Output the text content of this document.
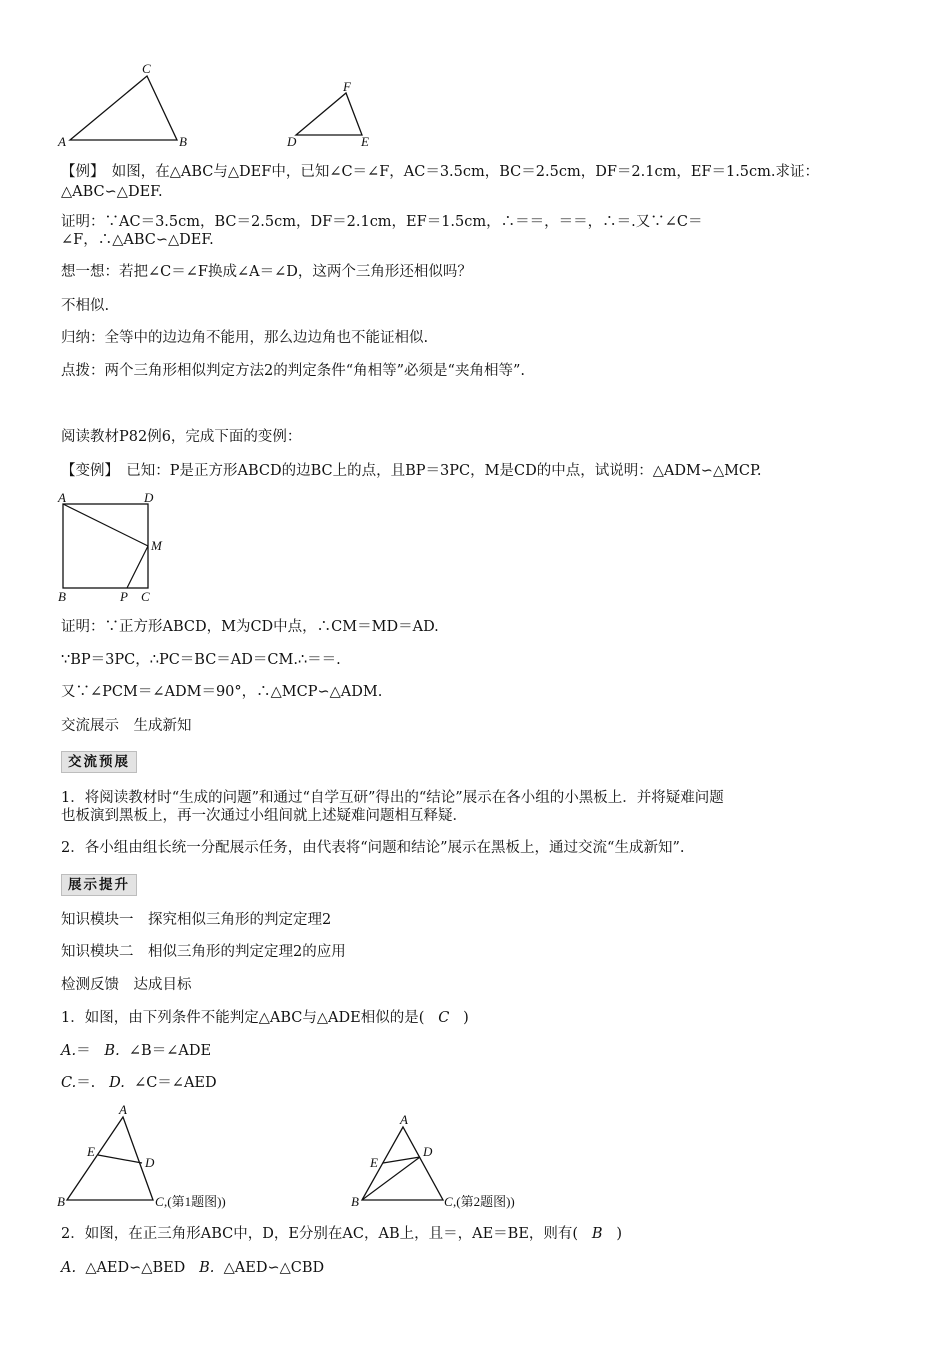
C
A	B
F
D	E
【例】　如图，在△ABC与△DEF中，已知∠C＝∠F，AC＝3.5cm，BC＝2.5cm，DF＝2.1cm，EF＝1.5cm.求证：
△ABC∽△DEF.
证明：∵AC＝3.5cm，BC＝2.5cm，DF＝2.1cm，EF＝1.5cm，∴＝＝，＝＝，∴＝.又∵∠C＝
∠F，∴△ABC∽△DEF.
想一想：若把∠C＝∠F换成∠A＝∠D，这两个三角形还相似吗？
不相似.
归纳：全等中的边边角不能用，那么边边角也不能证相似.
点拨：两个三角形相似判定方法2的判定条件“角相等”必须是“夹角相等”.
阅读教材P82例6，完成下面的变例：
【变例】　已知：P是正方形ABCD的边BC上的点，且BP＝3PC，M是CD的中点，试说明：△ADM∽△MCP.
A	D
M
B	P C
证明：∵正方形ABCD，M为CD中点，∴CM＝MD＝AD.
∵BP＝3PC，∴PC＝BC＝AD＝CM.∴＝＝.
又∵∠PCM＝∠ADM＝90°，∴△MCP∽△ADM.
交流展示　生成新知
交流预展
1．将阅读教材时“生成的问题”和通过“自学互研”得出的“结论”展示在各小组的小黑板上．并将疑难问题
也板演到黑板上，再一次通过小组间就上述疑难问题相互释疑．
2．各小组由组长统一分配展示任务，由代表将“问题和结论”展示在黑板上，通过交流“生成新知”.
展示提升
知识模块一　探究相似三角形的判定定理2
知识模块二　相似三角形的判定定理2的应用
检测反馈　达成目标
1．如图，由下列条件不能判定△ABC与△ADE相似的是( C )
A.＝ B. ∠B＝∠ADE
C.＝. D. ∠C＝∠AED
A
E
D
B	C ,(第1题图))
A
E
D
B	C ,(第2题图))
2．如图，在正三角形ABC中，D，E分别在AC，AB上，且＝，AE＝BE，则有( B )
A. △AED∽△BED B. △AED∽△CBD
